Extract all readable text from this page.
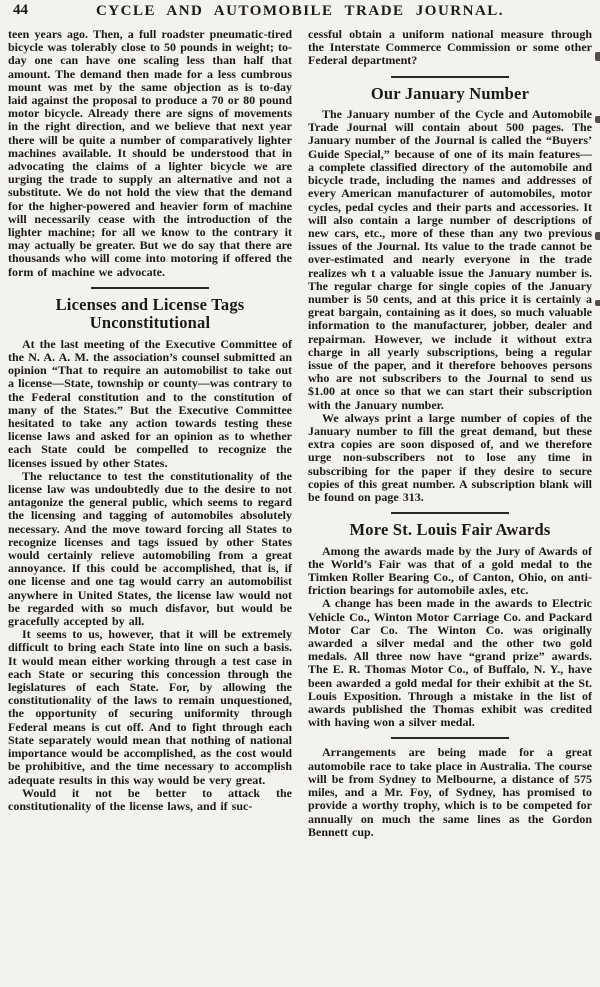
44	CYCLE AND AUTOMOBILE TRADE JOURNAL.

teen years ago. Then, a full roadster pneumatic-tired bicycle was tolerably close to 50 pounds in weight; to-day one can have one scaling less than half that amount. The demand then made for a less cumbrous mount was met by the same objection as is to-day laid against the proposal to produce a 70 or 80 pound motor bicycle. Already there are signs of movements in the right direction, and we believe that next year there will be quite a number of comparatively lighter machines available. It should be understood that in advocating the claims of a lighter bicycle we are urging the trade to supply an alternative and not a substitute. We do not hold the view that the demand for the higher-powered and heavier form of machine will necessarily cease with the introduction of the lighter machine; for all we know to the contrary it may actually be greater. But we do say that there are thousands who will come into motoring if offered the form of machine we advocate.

Licenses and License Tags Unconstitutional

At the last meeting of the Executive Committee of the N. A. A. M. the association’s counsel submitted an opinion “That to require an automobilist to take out a license—State, township or county—was contrary to the Federal constitution and to the constitution of many of the States.” But the Executive Committee hesitated to take any action towards testing these license laws and asked for an opinion as to whether each State could be compelled to recognize the licenses issued by other States.

The reluctance to test the constitutionality of the license law was undoubtedly due to the desire to not antagonize the general public, which seems to regard the licensing and tagging of automobiles absolutely necessary. And the move toward forcing all States to recognize licenses and tags issued by other States would certainly relieve automobiling from a great annoyance. If this could be accomplished, that is, if one license and one tag would carry an automobilist anywhere in United States, the license law would not be regarded with so much disfavor, but would be gracefully accepted by all.

It seems to us, however, that it will be extremely difficult to bring each State into line on such a basis. It would mean either working through a test case in each State or securing this concession through the legislatures of each State. For, by allowing the constitutionality of the laws to remain unquestioned, the opportunity of securing uniformity through Federal means is cut off. And to fight through each State separately would mean that nothing of national importance would be accomplished, as the cost would be prohibitive, and the time necessary to accomplish adequate results in this way would be very great.

Would it not be better to attack the constitutionality of the license laws, and if suc-

cessful obtain a uniform national measure through the Interstate Commerce Commission or some other Federal department?

Our January Number

The January number of the Cycle and Automobile Trade Journal will contain about 500 pages. The January number of the Journal is called the “Buyers’ Guide Special,” because of one of its main features—a complete classified directory of the automobile and bicycle trade, including the names and addresses of every American manufacturer of automobiles, motor cycles, pedal cycles and their parts and accessories. It will also contain a large number of descriptions of new cars, etc., more of these than any two previous issues of the Journal. Its value to the trade cannot be over-estimated and nearly everyone in the trade realizes wh t a valuable issue the January number is. The regular charge for single copies of the January number is 50 cents, and at this price it is certainly a great bargain, containing as it does, so much valuable information to the manufacturer, jobber, dealer and repairman. However, we include it without extra charge in all yearly subscriptions, being a regular issue of the paper, and it therefore behooves persons who are not subscribers to the Journal to send us $1.00 at once so that we can start their subscription with the January number.

We always print a large number of copies of the January number to fill the great demand, but these extra copies are soon disposed of, and we therefore urge non-subscribers not to lose any time in subscribing for the paper if they desire to secure copies of this great number. A subscription blank will be found on page 313.

More St. Louis Fair Awards

Among the awards made by the Jury of Awards of the World’s Fair was that of a gold medal to the Timken Roller Bearing Co., of Canton, Ohio, on anti-friction bearings for automobile axles, etc.

A change has been made in the awards to Electric Vehicle Co., Winton Motor Carriage Co. and Packard Motor Car Co. The Winton Co. was originally awarded a silver medal and the other two gold medals. All three now have “grand prize” awards. The E. R. Thomas Motor Co., of Buffalo, N. Y., have been awarded a gold medal for their exhibit at the St. Louis Exposition. Through a mistake in the list of awards published the Thomas exhibit was credited with having won a silver medal.

Arrangements are being made for a great automobile race to take place in Australia. The course will be from Sydney to Melbourne, a distance of 575 miles, and a Mr. Foy, of Sydney, has promised to provide a worthy trophy, which is to be competed for annually on much the same lines as the Gordon Bennett cup.
